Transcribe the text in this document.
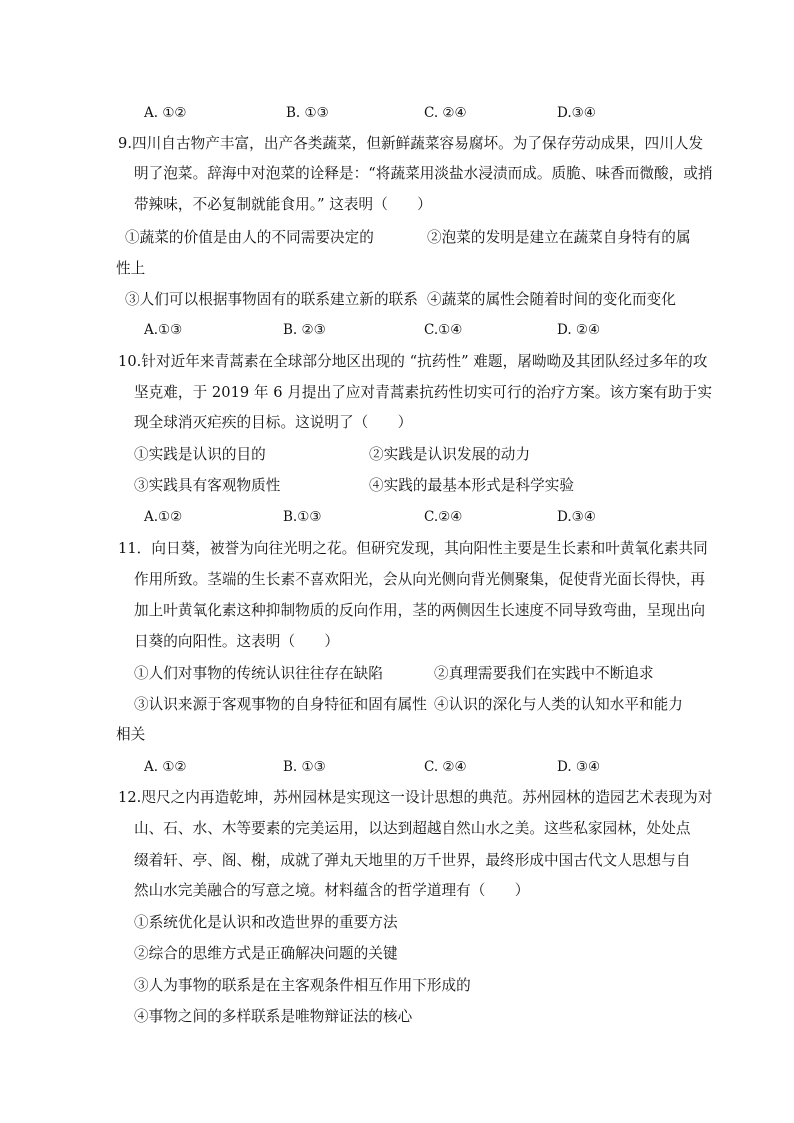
A. ①②	B. ①③	C. ②④	D.③④
9.四川自古物产丰富，出产各类蔬菜，但新鲜蔬菜容易腐坏。为了保存劳动成果，四川人发
明了泡菜。辞海中对泡菜的诠释是：“将蔬菜用淡盐水浸渍而成。质脆、味香而微酸，或捎
带辣味，不必复制就能食用。” 这表明（　　）
①蔬菜的价值是由人的不同需要决定的	②泡菜的发明是建立在蔬菜自身特有的属
性上
③人们可以根据事物固有的联系建立新的联系 ④蔬菜的属性会随着时间的变化而变化
A.①③	B. ②③	C.①④	D. ②④
10.针对近年来青蒿素在全球部分地区出现的 “抗药性” 难题，屠呦呦及其团队经过多年的攻
坚克难，于 2019 年 6 月提出了应对青蒿素抗药性切实可行的治疗方案。该方案有助于实
现全球消灭疟疾的目标。这说明了（　　）
①实践是认识的目的	②实践是认识发展的动力
③实践具有客观物质性	④实践的最基本形式是科学实验
A.①②	B.①③	C.②④	D.③④
11．向日葵，被誉为向往光明之花。但研究发现，其向阳性主要是生长素和叶黄氧化素共同
作用所致。茎端的生长素不喜欢阳光，会从向光侧向背光侧聚集，促使背光面长得快，再
加上叶黄氧化素这种抑制物质的反向作用，茎的两侧因生长速度不同导致弯曲，呈现出向
日葵的向阳性。这表明（　　）
①人们对事物的传统认识往往存在缺陷	②真理需要我们在实践中不断追求
③认识来源于客观事物的自身特征和固有属性 ④认识的深化与人类的认知水平和能力
相关
A. ①②	B. ①③	C. ②④	D. ③④
12.咫尺之内再造乾坤，苏州园林是实现这一设计思想的典范。苏州园林的造园艺术表现为对
山、石、水、木等要素的完美运用，以达到超越自然山水之美。这些私家园林，处处点
缀着轩、亭、阁、榭，成就了弹丸天地里的万千世界，最终形成中国古代文人思想与自
然山水完美融合的写意之境。材料蕴含的哲学道理有（　　）
①系统优化是认识和改造世界的重要方法
②综合的思维方式是正确解决问题的关键
③人为事物的联系是在主客观条件相互作用下形成的
④事物之间的多样联系是唯物辩证法的核心
